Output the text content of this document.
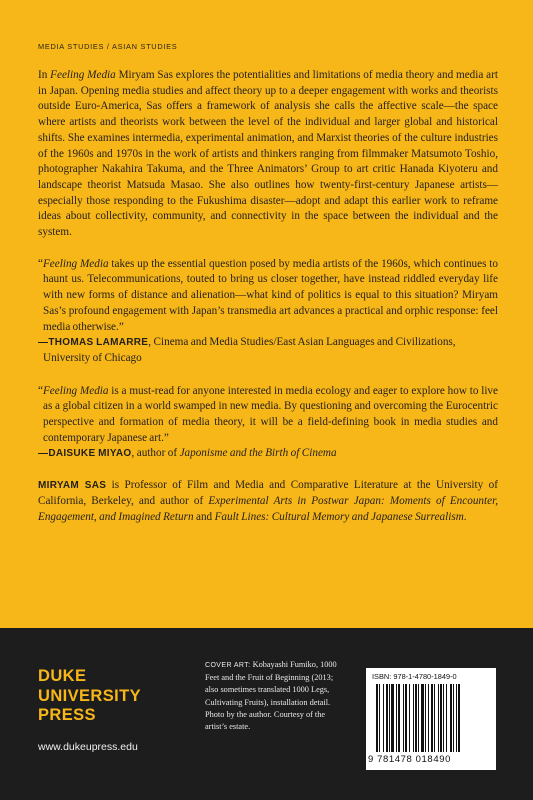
MEDIA STUDIES / ASIAN STUDIES

In Feeling Media Miryam Sas explores the potentialities and limitations of media theory and media art in Japan. Opening media studies and affect theory up to a deeper engagement with works and theorists outside Euro-America, Sas offers a framework of analysis she calls the affective scale—the space where artists and theorists work between the level of the individual and larger global and historical shifts. She examines intermedia, experimental animation, and Marxist theories of the culture industries of the 1960s and 1970s in the work of artists and thinkers ranging from filmmaker Matsumoto Toshio, photographer Nakahira Takuma, and the Three Animators’ Group to art critic Hanada Kiyoteru and landscape theorist Matsuda Masao. She also outlines how twenty-first-century Japanese artists—especially those responding to the Fukushima disaster—adopt and adapt this earlier work to reframe ideas about collectivity, community, and connectivity in the space between the individual and the system.

“Feeling Media takes up the essential question posed by media artists of the 1960s, which continues to haunt us. Telecommunications, touted to bring us closer together, have instead riddled everyday life with new forms of distance and alienation—what kind of politics is equal to this situation? Miryam Sas’s profound engagement with Japan’s transmedia art advances a practical and orphic response: feel media otherwise.”

—THOMAS LAMARRE, Cinema and Media Studies/East Asian Languages and Civilizations, University of Chicago

“Feeling Media is a must-read for anyone interested in media ecology and eager to explore how to live as a global citizen in a world swamped in new media. By questioning and overcoming the Eurocentric perspective and formation of media theory, it will be a field-defining book in media studies and contemporary Japanese art.”

—DAISUKE MIYAO, author of Japonisme and the Birth of Cinema

MIRYAM SAS is Professor of Film and Media and Comparative Literature at the University of California, Berkeley, and author of Experimental Arts in Postwar Japan: Moments of Encounter, Engagement, and Imagined Return and Fault Lines: Cultural Memory and Japanese Surrealism.

DUKE
UNIVERSITY
PRESS
www.dukeupress.edu
COVER ART: Kobayashi Fumiko, 1000 Feet and the Fruit of Beginning (2013; also sometimes translated 1000 Legs, Cultivating Fruits), installation detail. Photo by the author. Courtesy of the artist’s estate.
ISBN: 978-1-4780-1849-0
9 781478 018490
